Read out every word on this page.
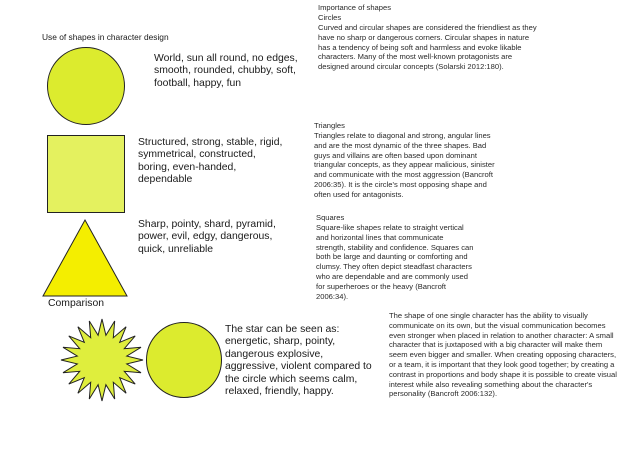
Use of shapes in character design
World, sun all round, no edges, smooth, rounded, chubby, soft, football, happy, fun
Importance of shapes
Circles
Curved and circular shapes are considered the friendliest as they have no sharp or dangerous corners. Circular shapes in nature has a tendency of being soft and harmless and evoke likable characters. Many of the most well-known protagonists are designed around circular concepts (Solarski 2012:180).
Structured, strong, stable, rigid, symmetrical, constructed, boring, even-handed, dependable
Triangles
Triangles relate to diagonal and strong, angular lines and are the most dynamic of the three shapes. Bad guys and villains are often based upon dominant triangular concepts, as they appear malicious, sinister and communicate with the most aggression (Bancroft 2006:35). It is the circle's most opposing shape and often used for antagonists.
Sharp, pointy, shard, pyramid, power, evil, edgy, dangerous, quick, unreliable
Squares
Square-like shapes relate to straight vertical and horizontal lines that communicate strength, stability and confidence. Squares can both be large and daunting or comforting and clumsy. They often depict steadfast characters who are dependable and are commonly used for superheroes or the heavy (Bancroft 2006:34).
Comparison
The star can be seen as: energetic, sharp, pointy, dangerous explosive, aggressive, violent compared to the circle which seems calm, relaxed, friendly, happy.
The shape of one single character has the ability to visually communicate on its own, but the visual communication becomes even stronger when placed in relation to another character: A small character that is juxtaposed with a big character will make them seem even bigger and smaller. When creating opposing characters, or a team, it is important that they look good together; by creating a contrast in proportions and body shape it is possible to create visual interest while also revealing something about the character's personality (Bancroft 2006:132).
